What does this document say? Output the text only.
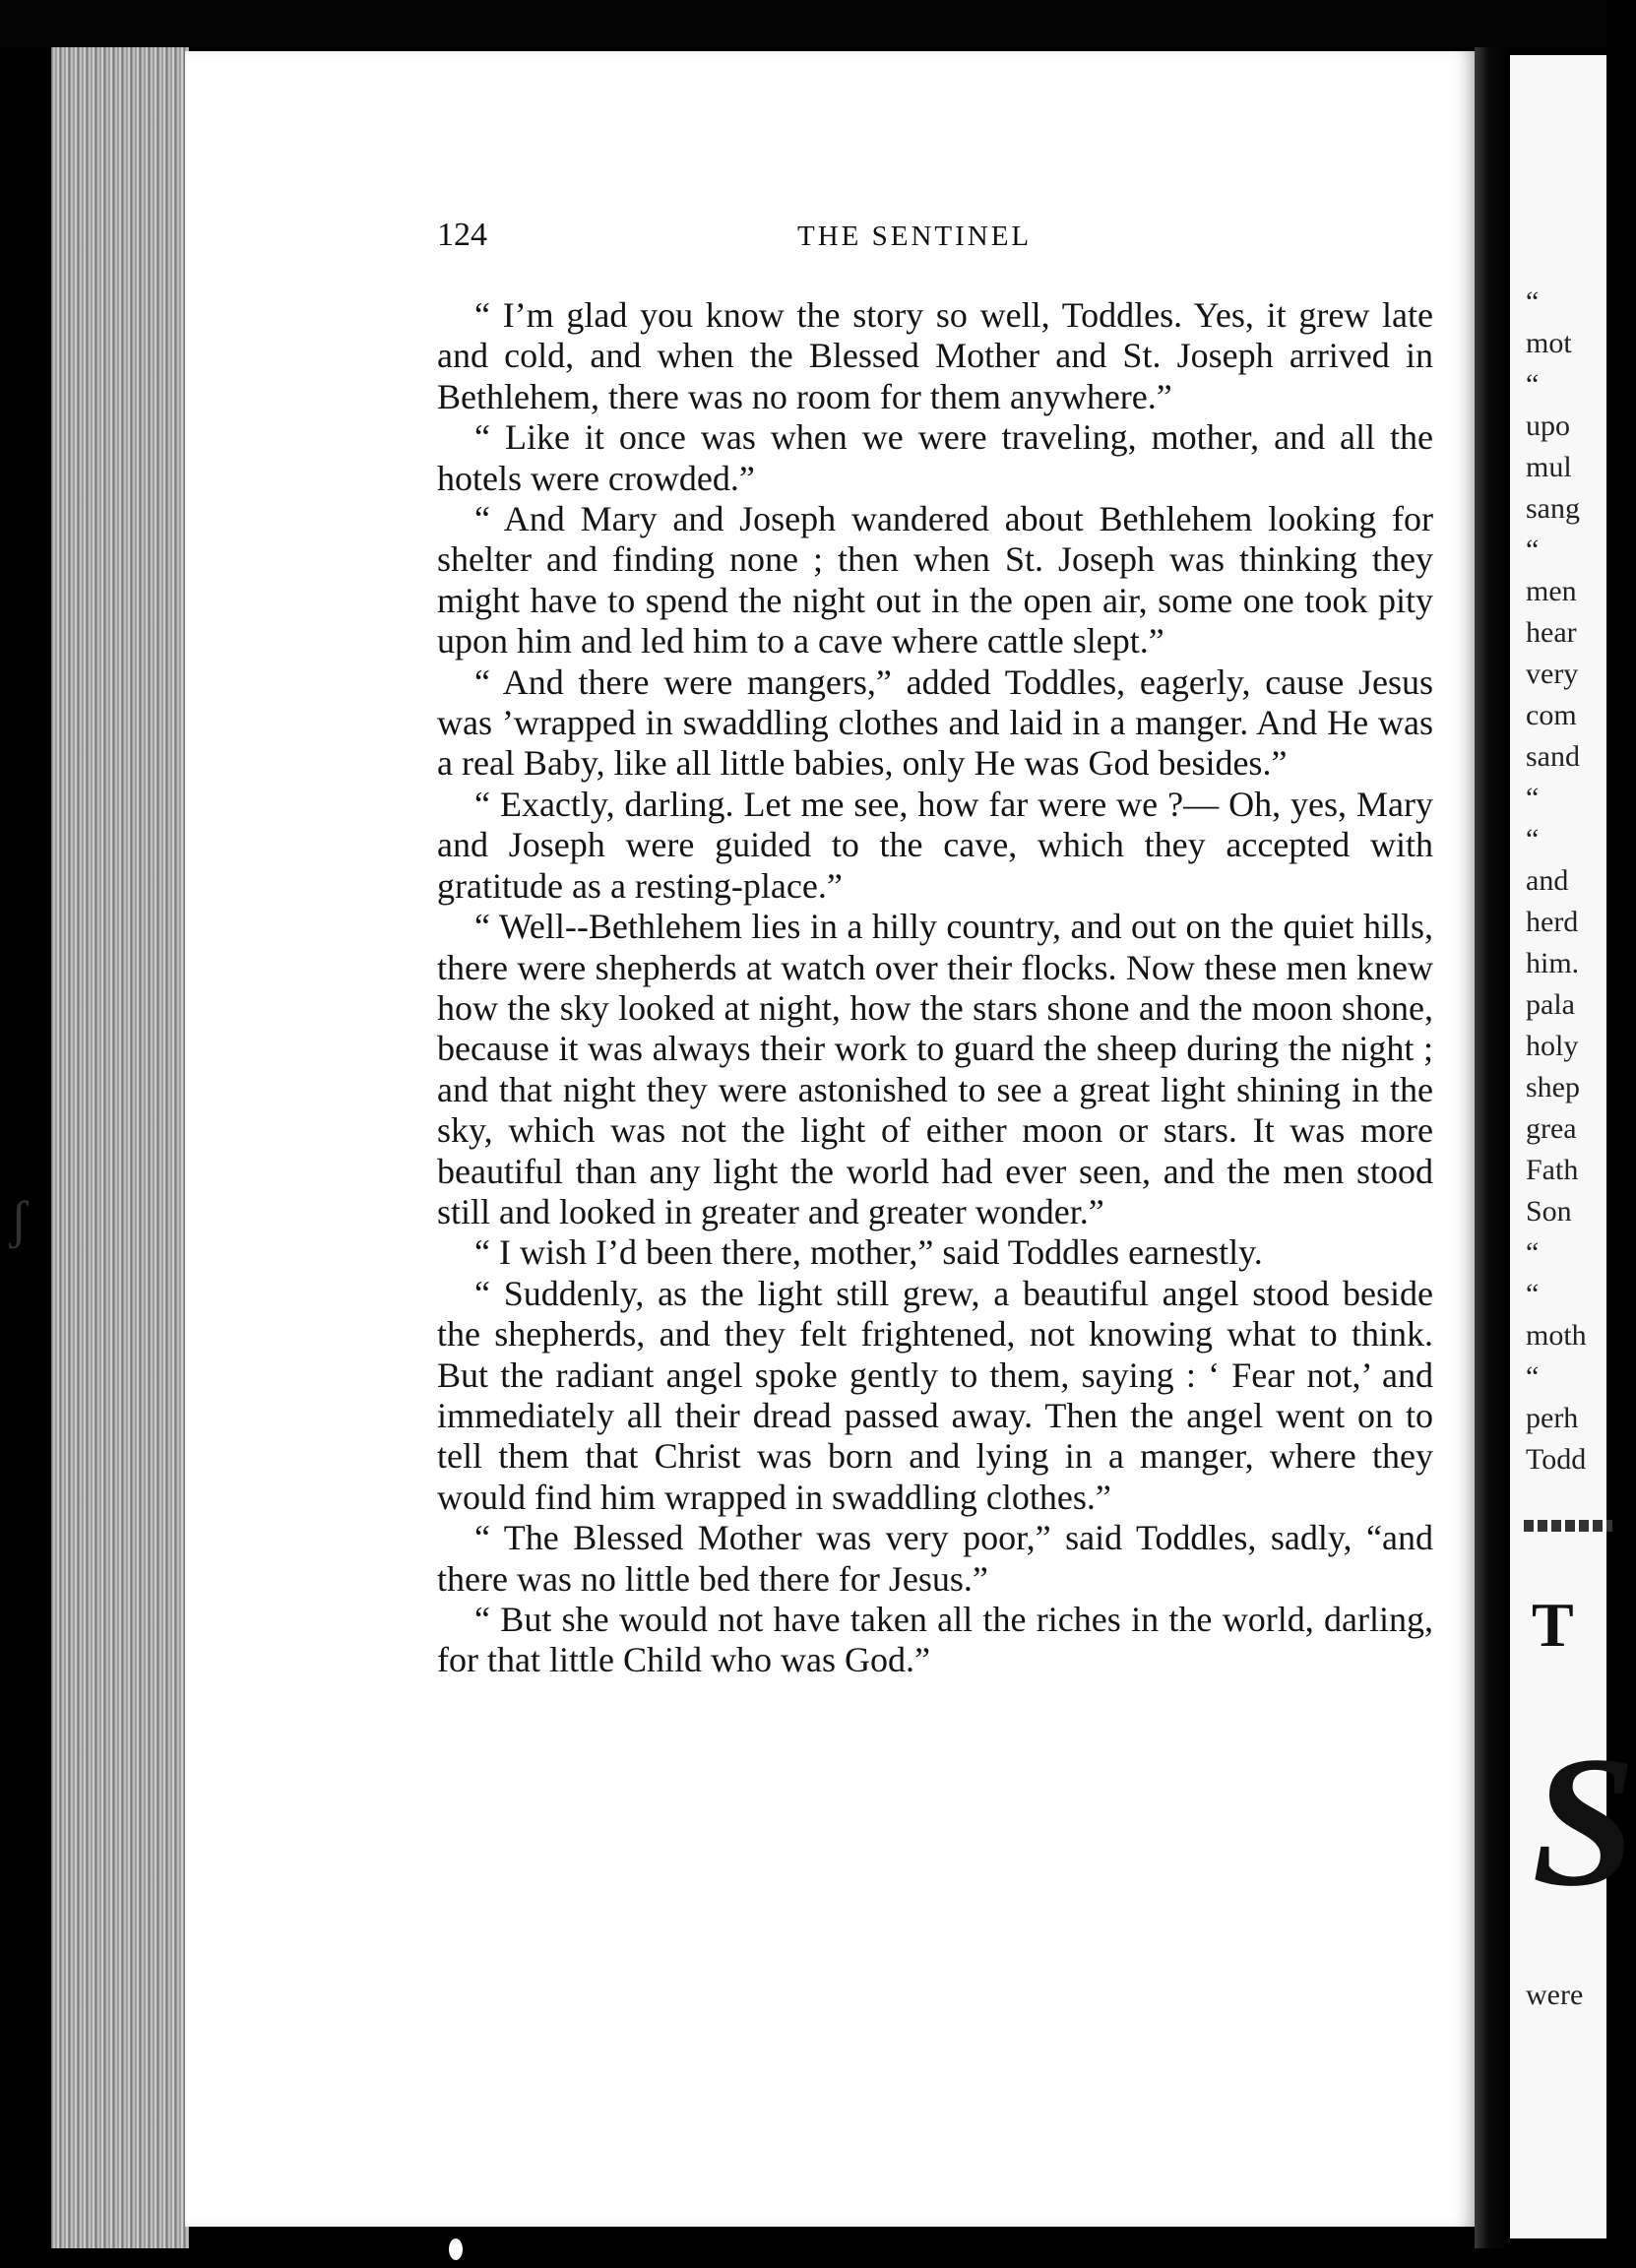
ʃ
124	THE SENTINEL

“ I’m glad you know the story so well, Toddles. Yes, it grew late and cold, and when the Blessed Mother and St. Joseph arrived in Bethlehem, there was no room for them anywhere.”

“ Like it once was when we were traveling, mother, and all the hotels were crowded.”

“ And Mary and Joseph wandered about Bethlehem looking for shelter and finding none ; then when St. Joseph was thinking they might have to spend the night out in the open air, some one took pity upon him and led him to a cave where cattle slept.”

“ And there were mangers,” added Toddles, eagerly, cause Jesus was ’wrapped in swaddling clothes and laid in a manger. And He was a real Baby, like all little babies, only He was God besides.”

“ Exactly, darling. Let me see, how far were we ?— Oh, yes, Mary and Joseph were guided to the cave, which they accepted with gratitude as a resting-place.”

“ Well--Bethlehem lies in a hilly country, and out on the quiet hills, there were shepherds at watch over their flocks. Now these men knew how the sky looked at night, how the stars shone and the moon shone, because it was always their work to guard the sheep during the night ; and that night they were astonished to see a great light shining in the sky, which was not the light of either moon or stars. It was more beautiful than any light the world had ever seen, and the men stood still and looked in greater and greater wonder.”

“ I wish I’d been there, mother,” said Toddles earnestly.

“ Suddenly, as the light still grew, a beautiful angel stood beside the shepherds, and they felt frightened, not knowing what to think. But the radiant angel spoke gently to them, saying : ‘ Fear not,’ and immediately all their dread passed away. Then the angel went on to tell them that Christ was born and lying in a manger, where they would find him wrapped in swaddling clothes.”

“ The Blessed Mother was very poor,” said Toddles, sadly, “and there was no little bed there for Jesus.”

“ But she would not have taken all the riches in the world, darling, for that little Child who was God.”

“
mot
“
upo
mul
sang
“
men
hear
very
com
sand
“
“
and
herd
him.
pala
holy
shep
grea
Fath
Son
“
“
moth
“
perh
Todd
T
S
were
